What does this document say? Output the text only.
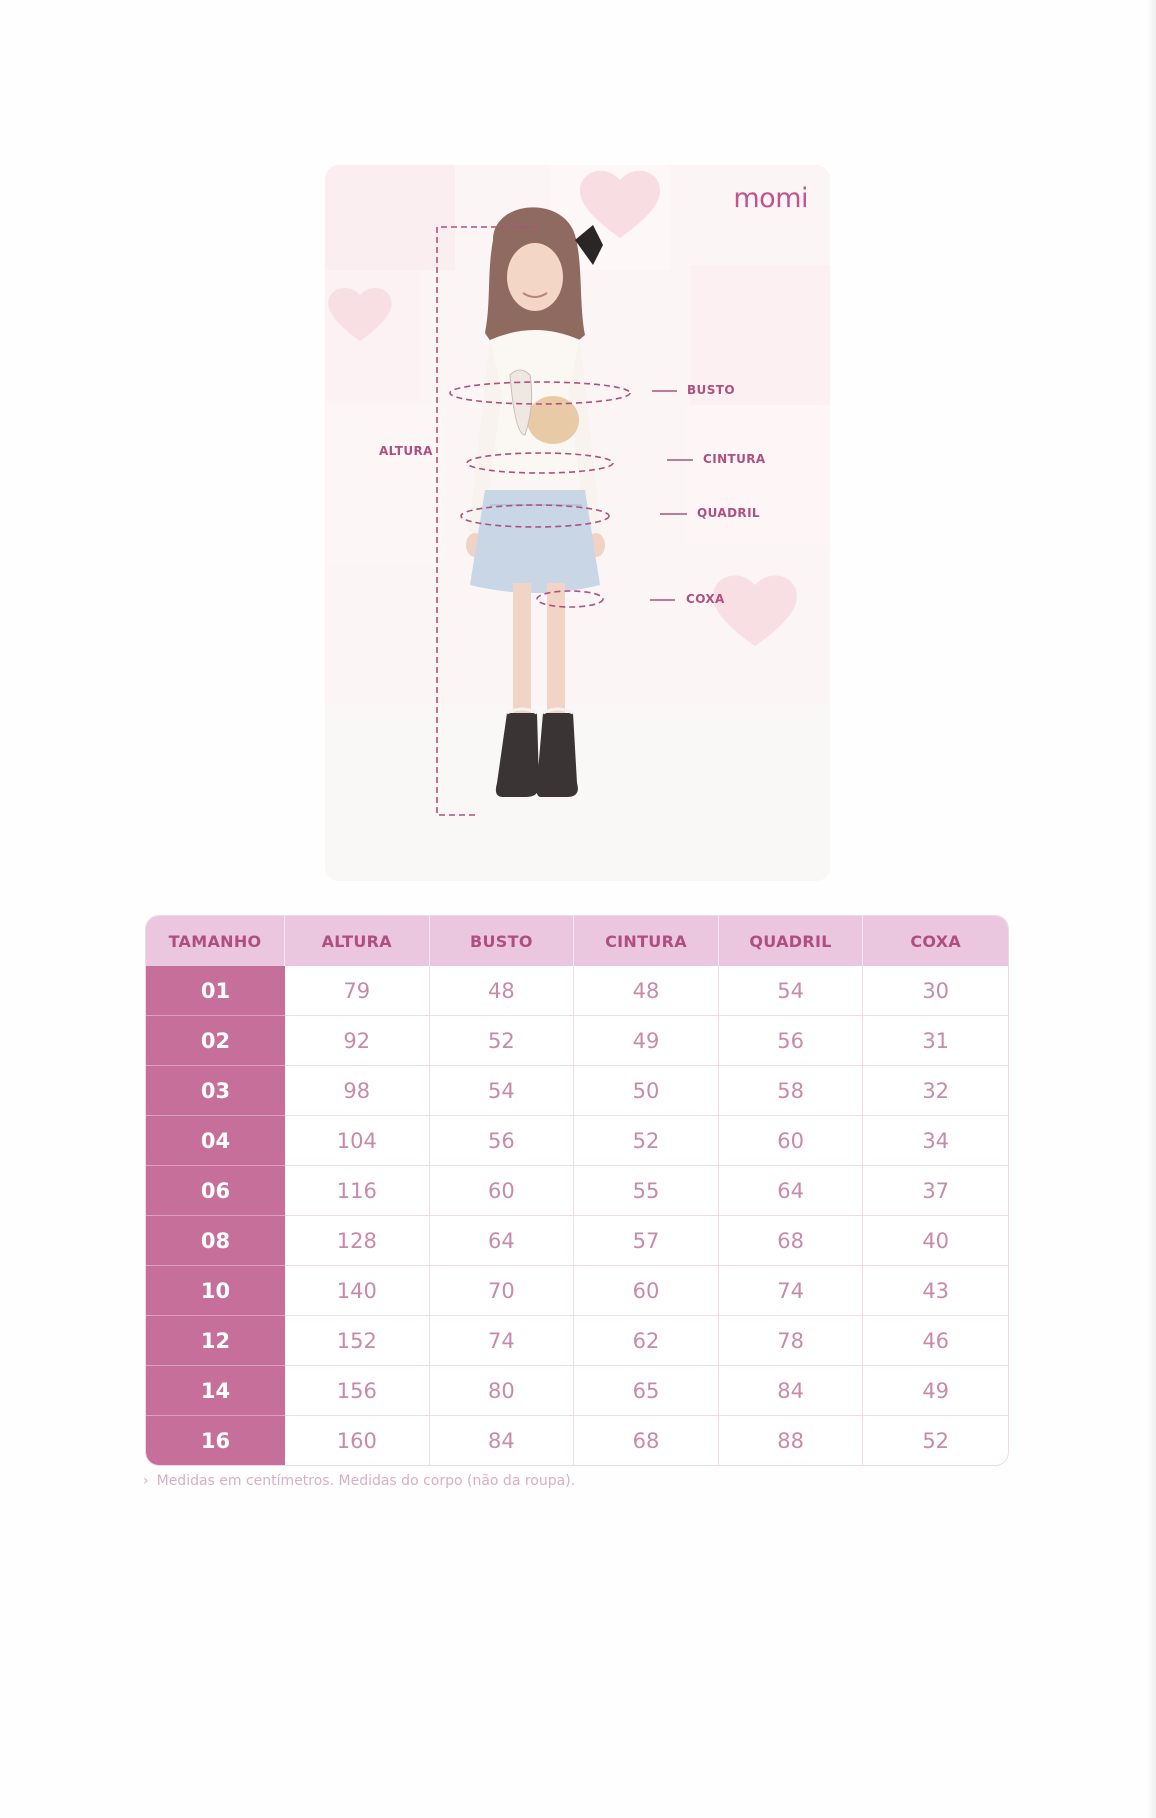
momi
ALTURA
BUSTO
CINTURA
QUADRIL
COXA
TAMANHO	ALTURA	BUSTO	CINTURA	QUADRIL	COXA
01	79	48	48	54	30
02	92	52	49	56	31
03	98	54	50	58	32
04	104	56	52	60	34
06	116	60	55	64	37
08	128	64	57	68	40
10	140	70	60	74	43
12	152	74	62	78	46
14	156	80	65	84	49
16	160	84	68	88	52
› Medidas em centímetros. Medidas do corpo (não da roupa).
